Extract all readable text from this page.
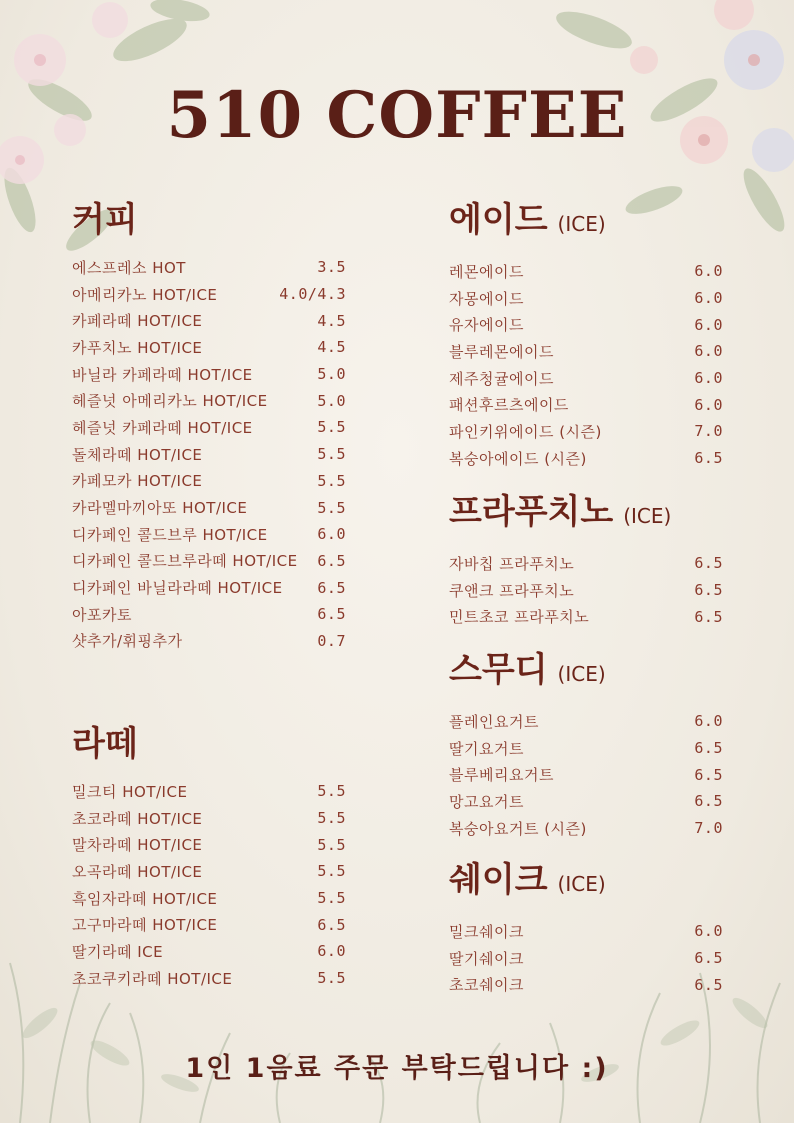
510 COFFEE
커피
에스프레소 HOT	3.5
아메리카노 HOT/ICE	4.0/4.3
카페라떼 HOT/ICE	4.5
카푸치노 HOT/ICE	4.5
바닐라 카페라떼 HOT/ICE	5.0
헤즐넛 아메리카노 HOT/ICE	5.0
헤즐넛 카페라떼 HOT/ICE	5.5
돌체라떼 HOT/ICE	5.5
카페모카 HOT/ICE	5.5
카라멜마끼아또 HOT/ICE	5.5
디카페인 콜드브루 HOT/ICE	6.0
디카페인 콜드브루라떼 HOT/ICE 6.5
디카페인 바닐라라떼 HOT/ICE 6.5
아포카토	6.5
샷추가/휘핑추가	0.7
라떼
밀크티 HOT/ICE	5.5
초코라떼 HOT/ICE	5.5
말차라떼 HOT/ICE	5.5
오곡라떼 HOT/ICE	5.5
흑임자라떼 HOT/ICE	5.5
고구마라떼 HOT/ICE	6.5
딸기라떼 ICE	6.0
초코쿠키라떼 HOT/ICE	5.5
에이드 (ICE)
레몬에이드	6.0
자몽에이드	6.0
유자에이드	6.0
블루레몬에이드	6.0
제주청귤에이드	6.0
패션후르츠에이드	6.0
파인키위에이드 (시즌)	7.0
복숭아에이드 (시즌)	6.5
프라푸치노 (ICE)
자바칩 프라푸치노	6.5
쿠앤크 프라푸치노	6.5
민트초코 프라푸치노	6.5
스무디 (ICE)
플레인요거트	6.0
딸기요거트	6.5
블루베리요거트	6.5
망고요거트	6.5
복숭아요거트 (시즌)	7.0
쉐이크 (ICE)
밀크쉐이크	6.0
딸기쉐이크	6.5
초코쉐이크	6.5
1인 1음료 주문 부탁드립니다 :)
